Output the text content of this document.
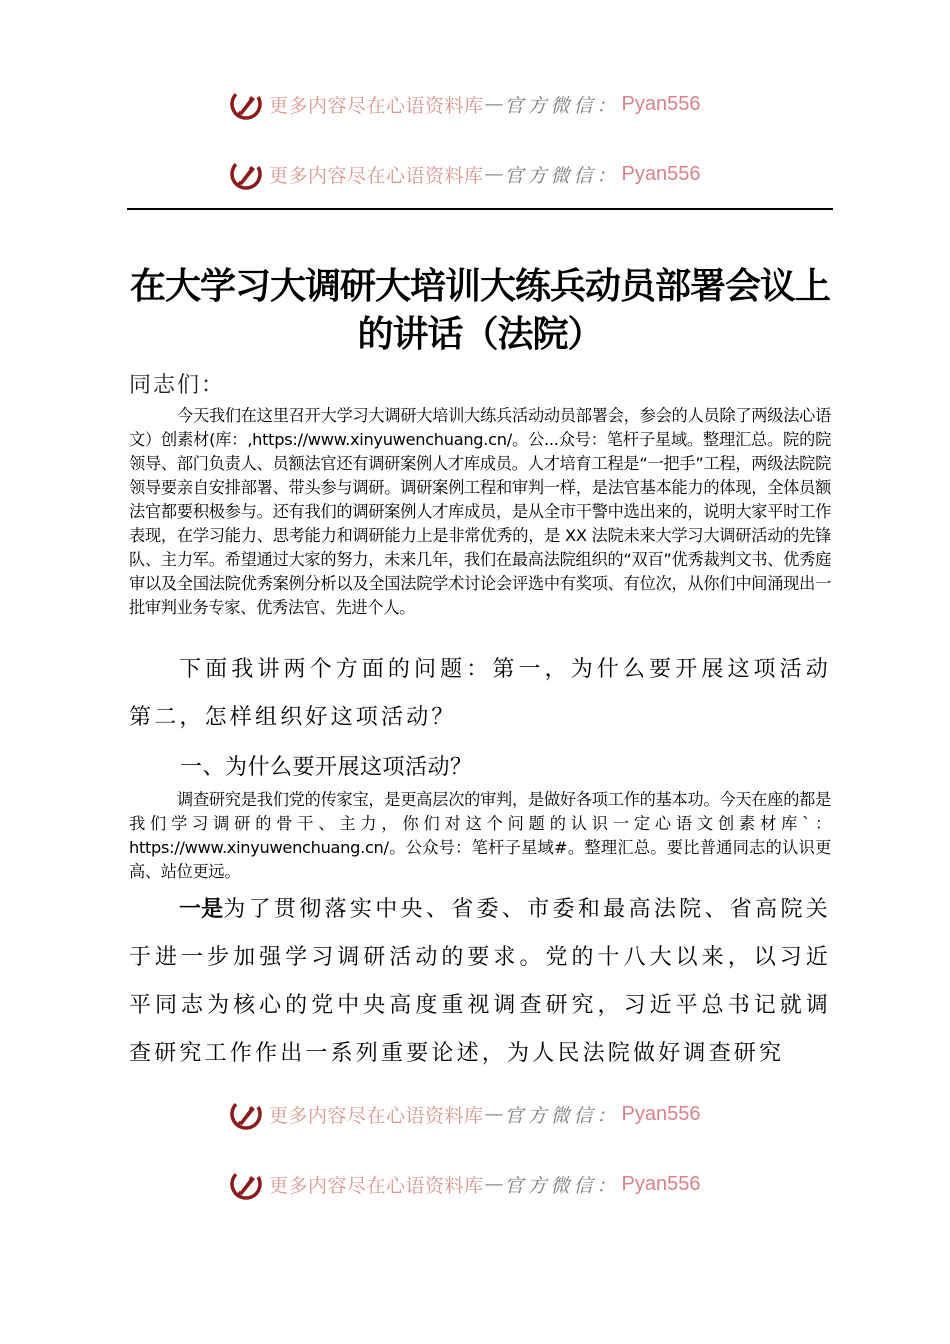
更多内容尽在心语资料库 — 官方微信： Pyan556
更多内容尽在心语资料库 — 官方微信： Pyan556
在大学习大调研大培训大练兵动员部署会议上的讲话（法院）
同志们：

今天我们在这里召开大学习大调研大培训大练兵活动动员部署会，参会的人员除了两级法心语文）创素材(库：,https://www.xinyuwenchuang.cn/。公...众号：笔杆子星域。整理汇总。院的院领导、部门负责人、员额法官还有调研案例人才库成员。人才培育工程是“一把手”工程，两级法院院领导要亲自安排部署、带头参与调研。调研案例工程和审判一样，是法官基本能力的体现，全体员额法官都要积极参与。还有我们的调研案例人才库成员，是从全市干警中选出来的，说明大家平时工作表现，在学习能力、思考能力和调研能力上是非常优秀的，是 XX 法院未来大学习大调研活动的先锋队、主力军。希望通过大家的努力，未来几年，我们在最高法院组织的“双百”优秀裁判文书、优秀庭审以及全国法院优秀案例分析以及全国法院学术讨论会评选中有奖项、有位次，从你们中间涌现出一批审判业务专家、优秀法官、先进个人。

下面我讲两个方面的问题：第一，为什么要开展这项活动第二，怎样组织好这项活动？

一、为什么要开展这项活动？

调查研究是我们党的传家宝，是更高层次的审判，是做好各项工作的基本功。今天在座的都是我们学习调研的骨干、主力，你们对这个问题的认识一定心语文创素材库`：https://www.xinyuwenchuang.cn/。公众号：笔杆子星域#。整理汇总。要比普通同志的认识更高、站位更远。

一是为了贯彻落实中央、省委、市委和最高法院、省高院关于进一步加强学习调研活动的要求。党的十八大以来，以习近平同志为核心的党中央高度重视调查研究，习近平总书记就调查研究工作作出一系列重要论述，为人民法院做好调查研究

更多内容尽在心语资料库 — 官方微信： Pyan556
更多内容尽在心语资料库 — 官方微信： Pyan556
